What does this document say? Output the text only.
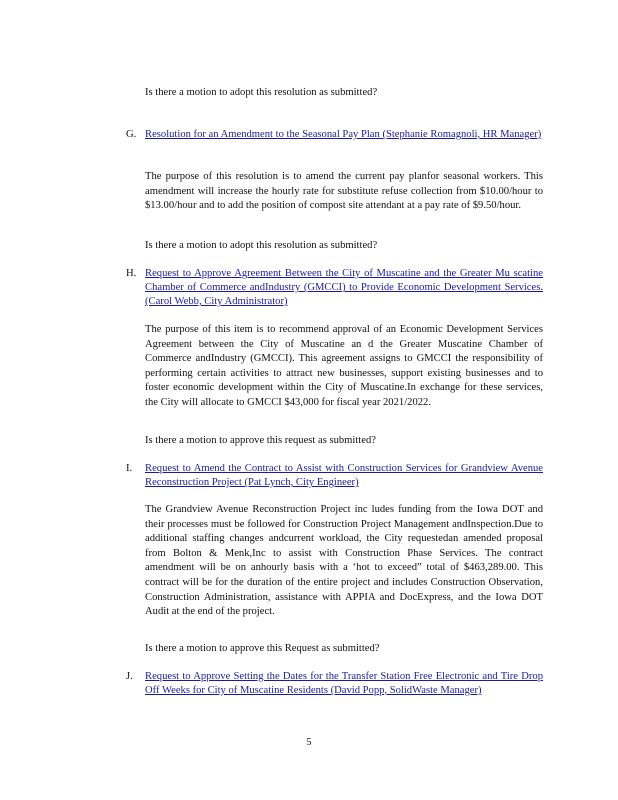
Is there a motion to adopt this resolution as submitted?

G. Resolution for an Amendment to the Seasonal Pay Plan (Stephanie Romagnoli, HR Manager)

The purpose of this resolution is to amend the current pay planfor seasonal workers. This amendment will increase the hourly rate for substitute refuse collection from $10.00/hour to $13.00/hour and to add the position of compost site attendant at a pay rate of $9.50/hour.

Is there a motion to adopt this resolution as submitted?

H. Request to Approve Agreement Between the City of Muscatine and the Greater Mu scatine Chamber of Commerce andIndustry (GMCCI) to Provide Economic Development Services. (Carol Webb, City Administrator)

The purpose of this item is to recommend approval of an Economic Development Services Agreement between the City of Muscatine an d the Greater Muscatine Chamber of Commerce andIndustry (GMCCI). This agreement assigns to GMCCI the responsibility of performing certain activities to attract new businesses, support existing businesses and to foster economic development within the City of Muscatine.In exchange for these services, the City will allocate to GMCCI $43,000 for fiscal year 2021/2022.

Is there a motion to approve this request as submitted?

I. Request to Amend the Contract to Assist with Construction Services for Grandview Avenue Reconstruction Project (Pat Lynch, City Engineer)

The Grandview Avenue Reconstruction Project inc ludes funding from the Iowa DOT and their processes must be followed for Construction Project Management andInspection.Due to additional staffing changes andcurrent workload, the City requestedan amended proposal from Bolton & Menk,Inc to assist with Construction Phase Services. The contract amendment will be on anhourly basis with a ‘hot to exceed” total of $463,289.00. This contract will be for the duration of the entire project and includes Construction Observation, Construction Administration, assistance with APPIA and DocExpress, and the Iowa DOT Audit at the end of the project.

Is there a motion to approve this Request as submitted?

J. Request to Approve Setting the Dates for the Transfer Station Free Electronic and Tire Drop Off Weeks for City of Muscatine Residents (David Popp, SolidWaste Manager)
5
